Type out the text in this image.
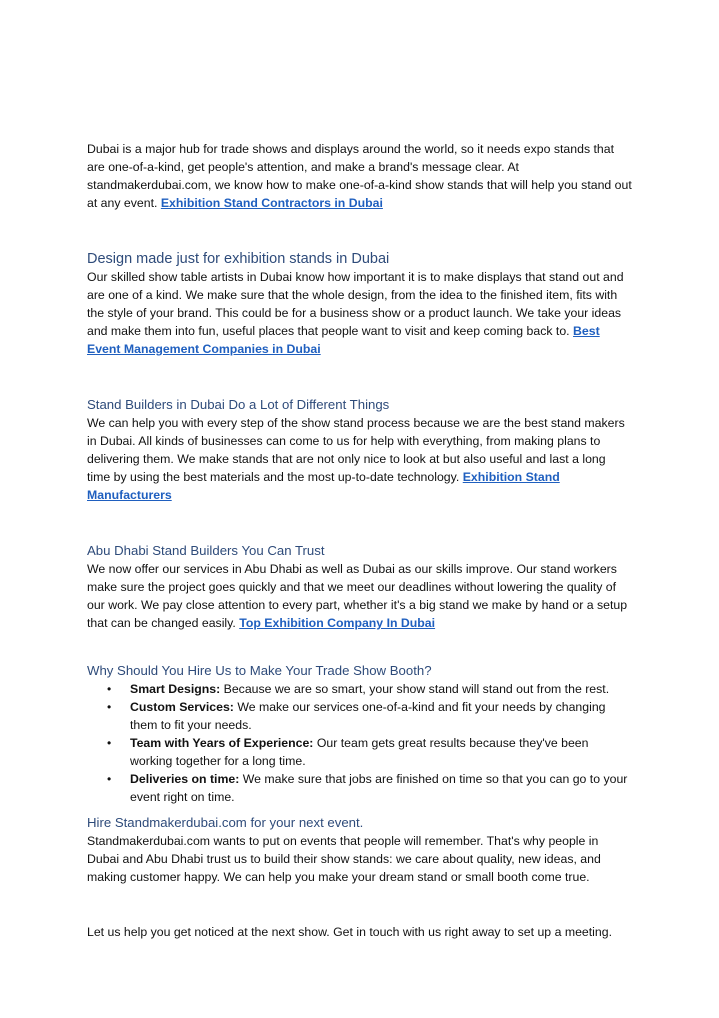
Dubai is a major hub for trade shows and displays around the world, so it needs expo stands that are one-of-a-kind, get people's attention, and make a brand's message clear. At standmakerdubai.com, we know how to make one-of-a-kind show stands that will help you stand out at any event. Exhibition Stand Contractors in Dubai

Design made just for exhibition stands in Dubai

Our skilled show table artists in Dubai know how important it is to make displays that stand out and are one of a kind. We make sure that the whole design, from the idea to the finished item, fits with the style of your brand. This could be for a business show or a product launch. We take your ideas and make them into fun, useful places that people want to visit and keep coming back to. Best Event Management Companies in Dubai

Stand Builders in Dubai Do a Lot of Different Things

We can help you with every step of the show stand process because we are the best stand makers in Dubai. All kinds of businesses can come to us for help with everything, from making plans to delivering them. We make stands that are not only nice to look at but also useful and last a long time by using the best materials and the most up-to-date technology. Exhibition Stand Manufacturers

Abu Dhabi Stand Builders You Can Trust

We now offer our services in Abu Dhabi as well as Dubai as our skills improve. Our stand workers make sure the project goes quickly and that we meet our deadlines without lowering the quality of our work. We pay close attention to every part, whether it's a big stand we make by hand or a setup that can be changed easily. Top Exhibition Company In Dubai

Why Should You Hire Us to Make Your Trade Show Booth?
• Smart Designs: Because we are so smart, your show stand will stand out from the rest.
• Custom Services: We make our services one-of-a-kind and fit your needs by changing them to fit your needs.
• Team with Years of Experience: Our team gets great results because they've been working together for a long time.
• Deliveries on time: We make sure that jobs are finished on time so that you can go to your event right on time.
Hire Standmakerdubai.com for your next event.

Standmakerdubai.com wants to put on events that people will remember. That's why people in Dubai and Abu Dhabi trust us to build their show stands: we care about quality, new ideas, and making customer happy. We can help you make your dream stand or small booth come true.

Let us help you get noticed at the next show. Get in touch with us right away to set up a meeting.
